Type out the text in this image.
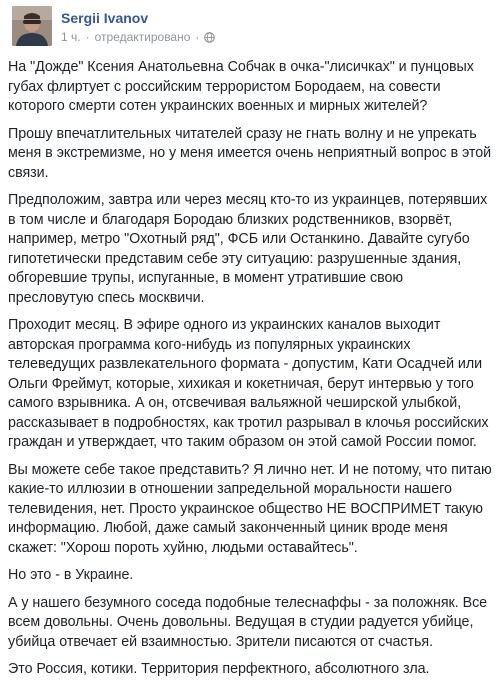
Sergii Ivanov
1 ч. · отредактировано ·

На "Дожде" Ксения Анатольевна Собчак в очка-"лисичках" и пунцовых губах флиртует с российским террористом Бородаем, на совести которого смерти сотен украинских военных и мирных жителей?

Прошу впечатлительных читателей сразу не гнать волну и не упрекать меня в экстремизме, но у меня имеется очень неприятный вопрос в этой связи.

Предположим, завтра или через месяц кто-то из украинцев, потерявших в том числе и благодаря Бородаю близких родственников, взорвёт, например, метро "Охотный ряд", ФСБ или Останкино. Давайте сугубо гипотетически представим себе эту ситуацию: разрушенные здания, обгоревшие трупы, испуганные, в момент утратившие свою пресловутую спесь москвичи.

Проходит месяц. В эфире одного из украинских каналов выходит авторская программа кого-нибудь из популярных украинских телеведущих развлекательного формата - допустим, Кати Осадчей или Ольги Фреймут, которые, хихикая и кокетничая, берут интервью у того самого взрывника. А он, отсвечивая вальяжной чеширской улыбкой, рассказывает в подробностях, как тротил разрывал в клочья российских граждан и утверждает, что таким образом он этой самой России помог.

Вы можете себе такое представить? Я лично нет. И не потому, что питаю какие-то иллюзии в отношении запредельной моральности нашего телевидения, нет. Просто украинское общество НЕ ВОСПРИМЕТ такую информацию. Любой, даже самый законченный циник вроде меня скажет: "Хорош пороть хуйню, людьми оставайтесь".

Но это - в Украине.

А у нашего безумного соседа подобные телеснаффы - за положняк. Все всем довольны. Очень довольны. Ведущая в студии радуется убийце, убийца отвечает ей взаимностью. Зрители писаются от счастья.

Это Россия, котики. Территория перфектного, абсолютного зла.
